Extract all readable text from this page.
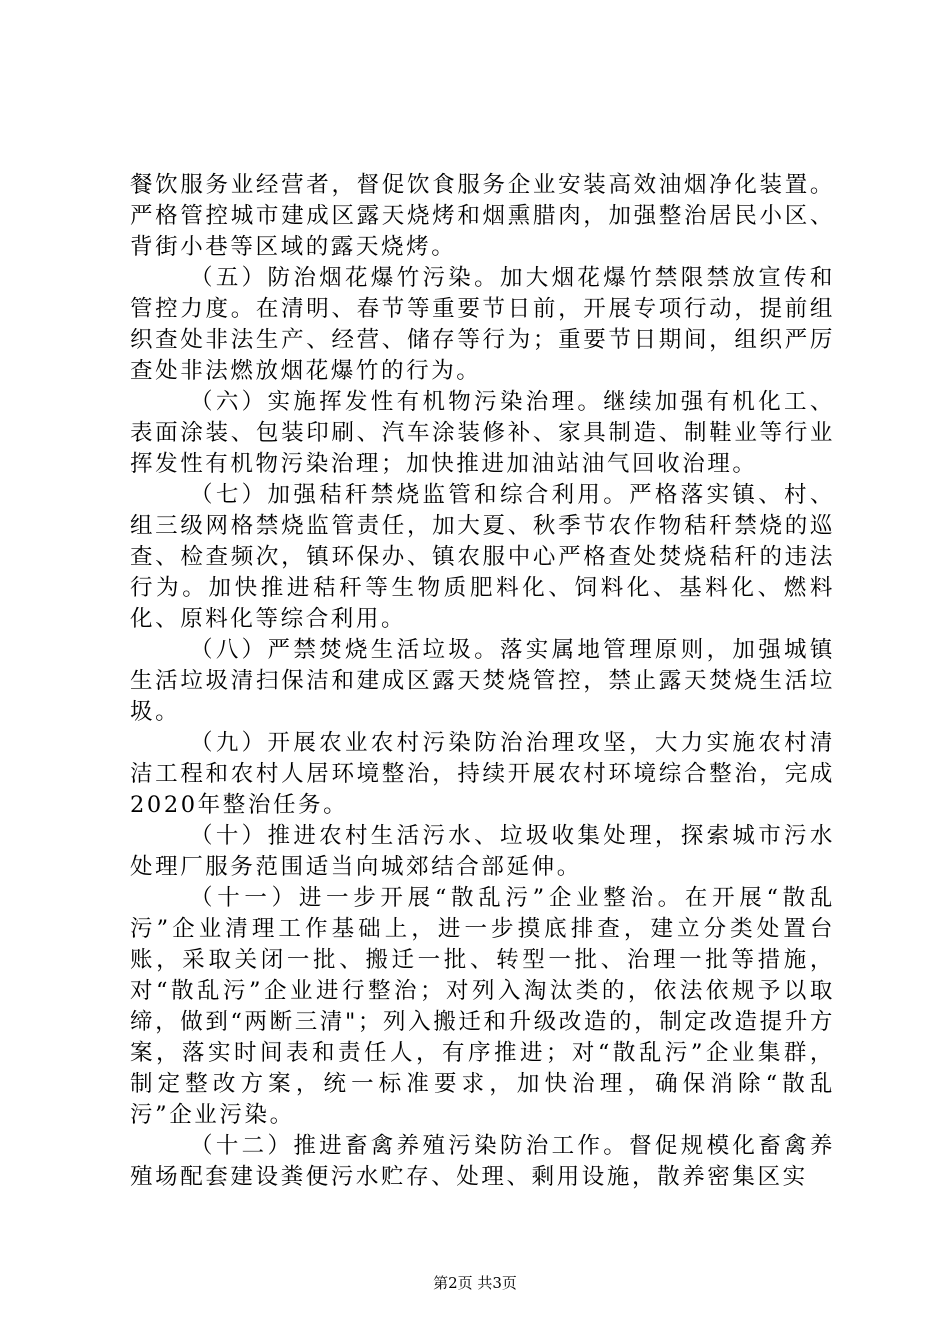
餐饮服务业经营者，督促饮食服务企业安装高效油烟净化装置。严格管控城市建成区露天烧烤和烟熏腊肉，加强整治居民小区、背街小巷等区域的露天烧烤。

（五）防治烟花爆竹污染。加大烟花爆竹禁限禁放宣传和管控力度。在清明、春节等重要节日前，开展专项行动，提前组织查处非法生产、经营、储存等行为；重要节日期间，组织严厉查处非法燃放烟花爆竹的行为。

（六）实施挥发性有机物污染治理。继续加强有机化工、表面涂装、包装印刷、汽车涂装修补、家具制造、制鞋业等行业挥发性有机物污染治理；加快推进加油站油气回收治理。

（七）加强秸秆禁烧监管和综合利用。严格落实镇、村、组三级网格禁烧监管责任，加大夏、秋季节农作物秸秆禁烧的巡查、检查频次，镇环保办、镇农服中心严格查处焚烧秸秆的违法行为。加快推进秸秆等生物质肥料化、饲料化、基料化、燃料化、原料化等综合利用。

（八）严禁焚烧生活垃圾。落实属地管理原则，加强城镇生活垃圾清扫保洁和建成区露天焚烧管控，禁止露天焚烧生活垃圾。

（九）开展农业农村污染防治治理攻坚，大力实施农村清洁工程和农村人居环境整治，持续开展农村环境综合整治，完成2020年整治任务。

（十）推进农村生活污水、垃圾收集处理，探索城市污水处理厂服务范围适当向城郊结合部延伸。

（十一）进一步开展“散乱污”企业整治。在开展“散乱污”企业清理工作基础上，进一步摸底排查，建立分类处置台账，采取关闭一批、搬迁一批、转型一批、治理一批等措施，对“散乱污”企业进行整治；对列入淘汰类的，依法依规予以取缔，做到“两断三清"；列入搬迁和升级改造的，制定改造提升方案，落实时间表和责任人，有序推进；对“散乱污”企业集群，制定整改方案，统一标准要求，加快治理，确保消除“散乱污”企业污染。

（十二）推进畜禽养殖污染防治工作。督促规模化畜禽养殖场配套建设粪便污水贮存、处理、剩用设施，散养密集区实

第2页 共3页
